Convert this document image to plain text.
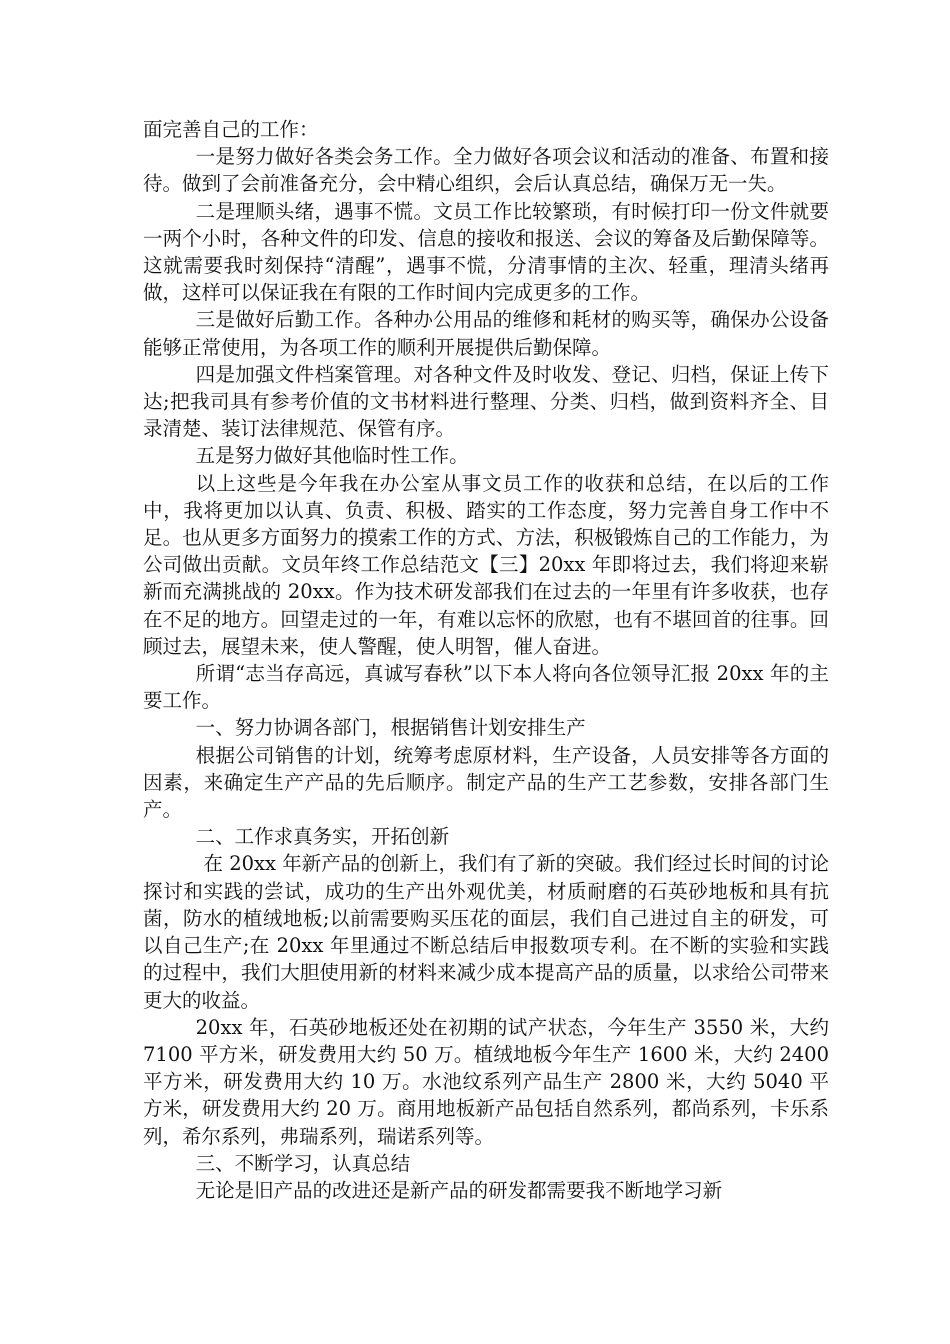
面完善自己的工作：

一是努力做好各类会务工作。全力做好各项会议和活动的准备、布置和接待。做到了会前准备充分，会中精心组织，会后认真总结，确保万无一失。

二是理顺头绪，遇事不慌。文员工作比较繁琐，有时候打印一份文件就要一两个小时，各种文件的印发、信息的接收和报送、会议的筹备及后勤保障等。这就需要我时刻保持“清醒”，遇事不慌，分清事情的主次、轻重，理清头绪再做，这样可以保证我在有限的工作时间内完成更多的工作。

三是做好后勤工作。各种办公用品的维修和耗材的购买等，确保办公设备能够正常使用，为各项工作的顺利开展提供后勤保障。

四是加强文件档案管理。对各种文件及时收发、登记、归档，保证上传下达;把我司具有参考价值的文书材料进行整理、分类、归档，做到资料齐全、目录清楚、装订法律规范、保管有序。

五是努力做好其他临时性工作。

以上这些是今年我在办公室从事文员工作的收获和总结，在以后的工作中，我将更加以认真、负责、积极、踏实的工作态度，努力完善自身工作中不足。也从更多方面努力的摸索工作的方式、方法，积极锻炼自己的工作能力，为公司做出贡献。文员年终工作总结范文【三】20xx 年即将过去，我们将迎来崭新而充满挑战的 20xx。作为技术研发部我们在过去的一年里有许多收获，也存在不足的地方。回望走过的一年，有难以忘怀的欣慰，也有不堪回首的往事。回顾过去，展望未来，使人警醒，使人明智，催人奋进。

所谓“志当存高远，真诚写春秋”以下本人将向各位领导汇报 20xx 年的主要工作。

一、努力协调各部门，根据销售计划安排生产

根据公司销售的计划，统筹考虑原材料，生产设备，人员安排等各方面的因素，来确定生产产品的先后顺序。制定产品的生产工艺参数，安排各部门生产。

二、工作求真务实，开拓创新

在 20xx 年新产品的创新上，我们有了新的突破。我们经过长时间的讨论探讨和实践的尝试，成功的生产出外观优美，材质耐磨的石英砂地板和具有抗菌，防水的植绒地板;以前需要购买压花的面层，我们自己进过自主的研发，可以自己生产;在 20xx 年里通过不断总结后申报数项专利。在不断的实验和实践的过程中，我们大胆使用新的材料来减少成本提高产品的质量，以求给公司带来更大的收益。

20xx 年，石英砂地板还处在初期的试产状态，今年生产 3550 米，大约 7100 平方米，研发费用大约 50 万。植绒地板今年生产 1600 米，大约 2400 平方米，研发费用大约 10 万。水池纹系列产品生产 2800 米，大约 5040 平方米，研发费用大约 20 万。商用地板新产品包括自然系列，都尚系列，卡乐系列，希尔系列，弗瑞系列，瑞诺系列等。

三、不断学习，认真总结

无论是旧产品的改进还是新产品的研发都需要我不断地学习新
